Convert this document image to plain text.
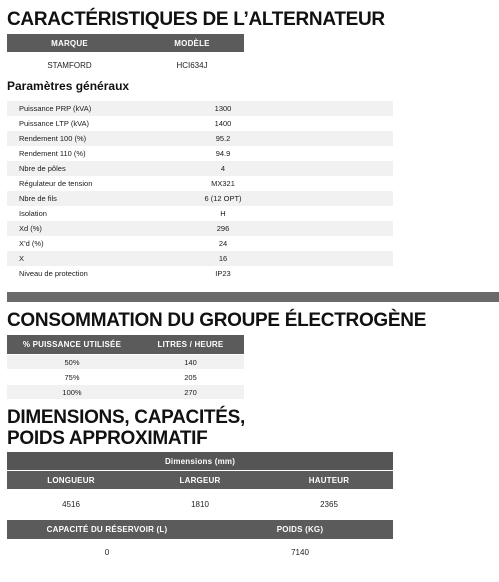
CARACTÉRISTIQUES DE L’ALTERNATEUR
MARQUE	MODÈLE
STAMFORD	HCI634J
Paramètres généraux
Puissance PRP (kVA)	1300
Puissance LTP (kVA)	1400
Rendement 100 (%)	95.2
Rendement 110 (%)	94.9
Nbre de pôles	4
Régulateur de tension	MX321
Nbre de fils	6 (12 OPT)
Isolation	H
Xd (%)	296
X’d (%)	24
X	16
Niveau de protection	IP23
CONSOMMATION DU GROUPE ÉLECTROGÈNE
% PUISSANCE UTILISÉE	LITRES / HEURE
50%	140
75%	205
100%	270
DIMENSIONS, CAPACITÉS,
POIDS APPROXIMATIF
Dimensions (mm)
LONGUEUR	LARGEUR	HAUTEUR
4516	1810	2365
CAPACITÉ DU RÉSERVOIR (L)	POIDS (KG)
0	7140
